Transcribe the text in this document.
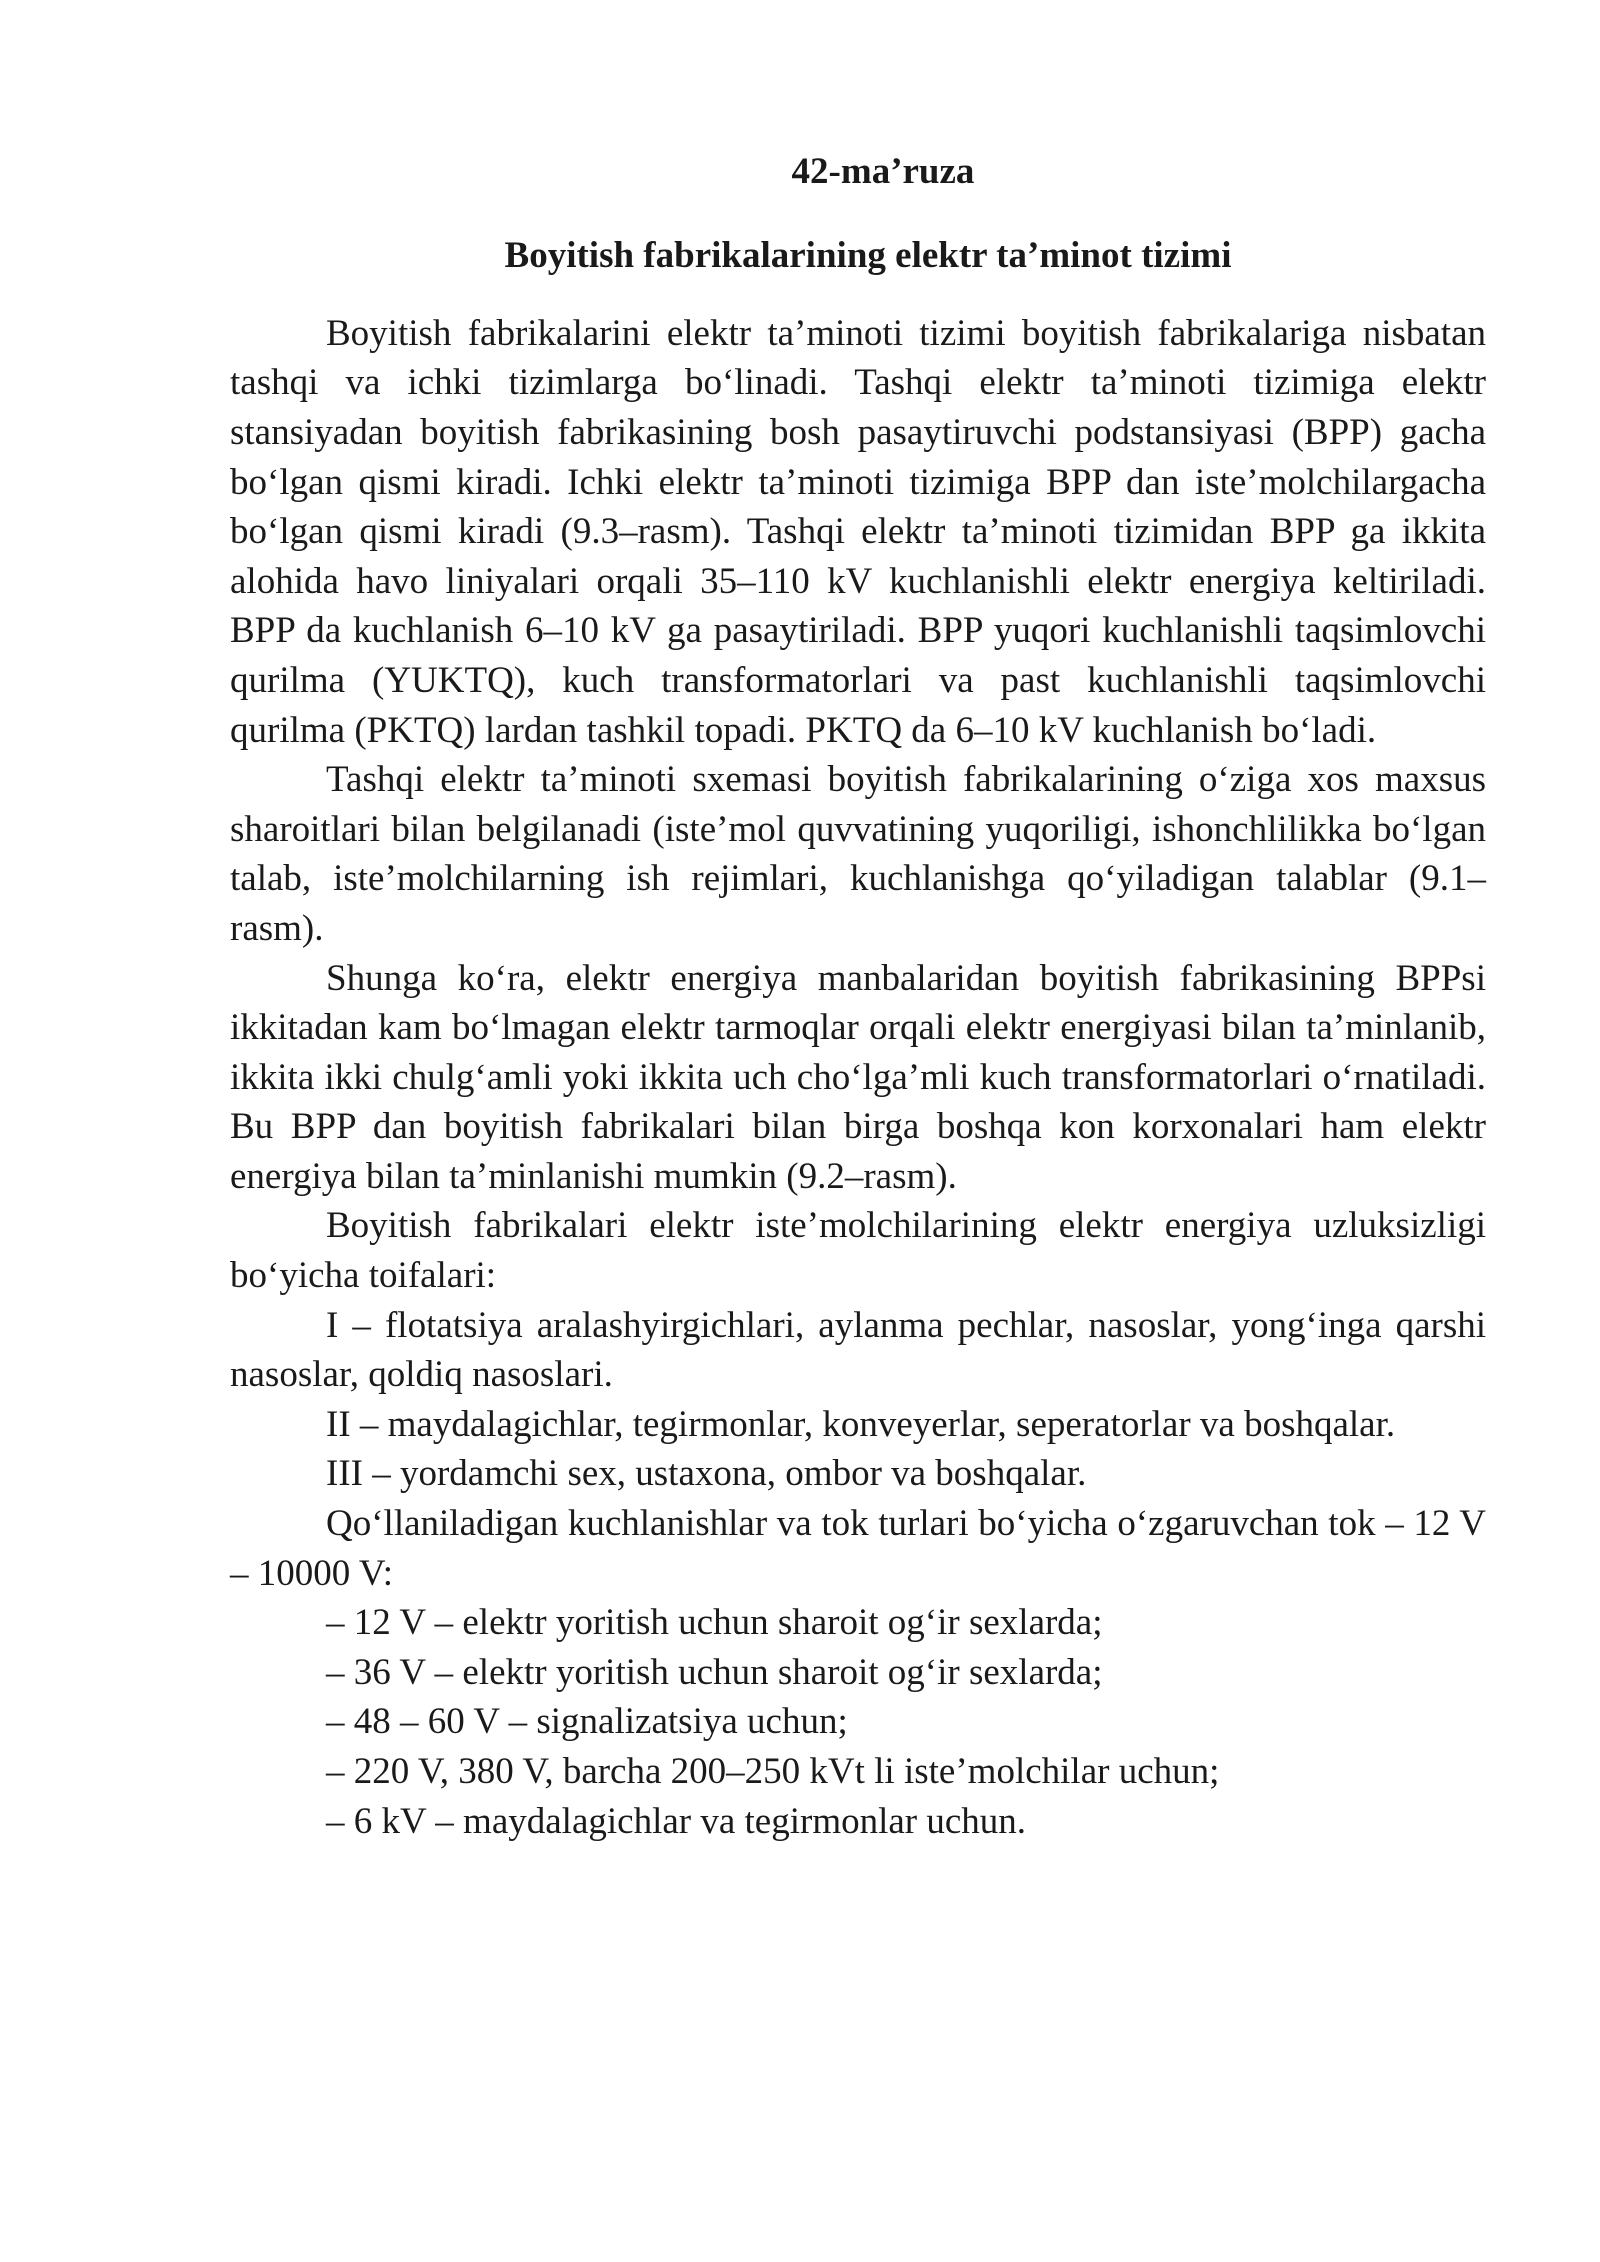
42-ma’ruza
Boyitish fabrikalarining elektr ta’minot tizimi

Boyitish fabrikalarini elektr ta’minoti tizimi boyitish fabrikalariga nisbatan tashqi va ichki tizimlarga bo‘linadi. Tashqi elektr ta’minoti tizimiga elektr stansiyadan boyitish fabrikasining bosh pasaytiruvchi podstansiyasi (BPP) gacha bo‘lgan qismi kiradi. Ichki elektr ta’minoti tizimiga BPP dan iste’molchilargacha bo‘lgan qismi kiradi (9.3–rasm). Tashqi elektr ta’minoti tizimidan BPP ga ikkita alohida havo liniyalari orqali 35–110 kV kuchlanishli elektr energiya keltiriladi. BPP da kuchlanish 6–10 kV ga pasaytiriladi. BPP yuqori kuchlanishli taqsimlovchi qurilma (YUKTQ), kuch transformatorlari va past kuchlanishli taqsimlovchi qurilma (PKTQ) lardan tashkil topadi. PKTQ da 6–10 kV kuchlanish bo‘ladi.

Tashqi elektr ta’minoti sxemasi boyitish fabrikalarining o‘ziga xos maxsus sharoitlari bilan belgilanadi (iste’mol quvvatining yuqoriligi, ishonchlilikka bo‘lgan talab, iste’molchilarning ish rejimlari, kuchlanishga qo‘yiladigan talablar (9.1–rasm).

Shunga ko‘ra, elektr energiya manbalaridan boyitish fabrikasining BPPsi ikkitadan kam bo‘lmagan elektr tarmoqlar orqali elektr energiyasi bilan ta’minlanib, ikkita ikki chulg‘amli yoki ikkita uch cho‘lga’mli kuch transformatorlari o‘rnatiladi. Bu BPP dan boyitish fabrikalari bilan birga boshqa kon korxonalari ham elektr energiya bilan ta’minlanishi mumkin (9.2–rasm).

Boyitish fabrikalari elektr iste’molchilarining elektr energiya uzluksizligi bo‘yicha toifalari:

I – flotatsiya aralashyirgichlari, aylanma pechlar, nasoslar, yong‘inga qarshi nasoslar, qoldiq nasoslari.

II – maydalagichlar, tegirmonlar, konveyerlar, seperatorlar va boshqalar.

III – yordamchi sex, ustaxona, ombor va boshqalar.

Qo‘llaniladigan kuchlanishlar va tok turlari bo‘yicha o‘zgaruvchan tok – 12 V – 10000 V:

– 12 V – elektr yoritish uchun sharoit og‘ir sexlarda;

– 36 V – elektr yoritish uchun sharoit og‘ir sexlarda;

– 48 – 60 V – signalizatsiya uchun;

– 220 V, 380 V, barcha 200–250 kVt li iste’molchilar uchun;

– 6 kV – maydalagichlar va tegirmonlar uchun.
